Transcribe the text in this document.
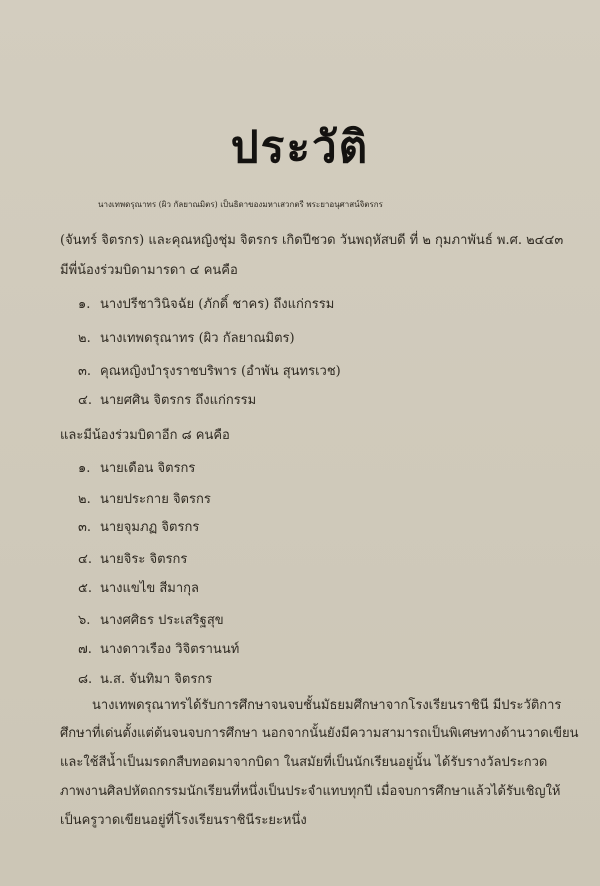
ประวัติ
นางเทพดรุณาทร (ผิว กัลยาณมิตร) เป็นธิดาของมหาเสวกตรี พระยาอนุศาสน์จิตรกร
(จันทร์ จิตรกร) และคุณหญิงชุ่ม จิตรกร เกิดปีชวด วันพฤหัสบดี ที่ ๒ กุมภาพันธ์ พ.ศ. ๒๔๔๓
มีพี่น้องร่วมบิดามารดา ๔ คนคือ
๑. นางปรีชาวินิจฉัย (ภักดิ์ ชาคร) ถึงแก่กรรม
๒. นางเทพดรุณาทร (ผิว กัลยาณมิตร)
๓. คุณหญิงบำรุงราชบริพาร (อำพัน สุนทรเวช)
๔. นายศศิน จิตรกร ถึงแก่กรรม
และมีน้องร่วมบิดาอีก ๘ คนคือ
๑. นายเดือน จิตรกร
๒. นายประกาย จิตรกร
๓. นายจุมภฏ จิตรกร
๔. นายจิระ จิตรกร
๕. นางแขไข สีมากุล
๖. นางศศิธร ประเสริฐสุข
๗. นางดาวเรือง วิจิตรานนท์
๘. น.ส. จันทิมา จิตรกร
นางเทพดรุณาทรได้รับการศึกษาจนจบชั้นมัธยมศึกษาจากโรงเรียนราชินี มีประวัติการ
ศึกษาที่เด่นตั้งแต่ต้นจนจบการศึกษา นอกจากนั้นยังมีความสามารถเป็นพิเศษทางด้านวาดเขียน
และใช้สีน้ำเป็นมรดกสืบทอดมาจากบิดา ในสมัยที่เป็นนักเรียนอยู่นั้น ได้รับรางวัลประกวด
ภาพงานศิลปหัตถกรรมนักเรียนที่หนึ่งเป็นประจำแทบทุกปี เมื่อจบการศึกษาแล้วได้รับเชิญให้
เป็นครูวาดเขียนอยู่ที่โรงเรียนราชินีระยะหนึ่ง
